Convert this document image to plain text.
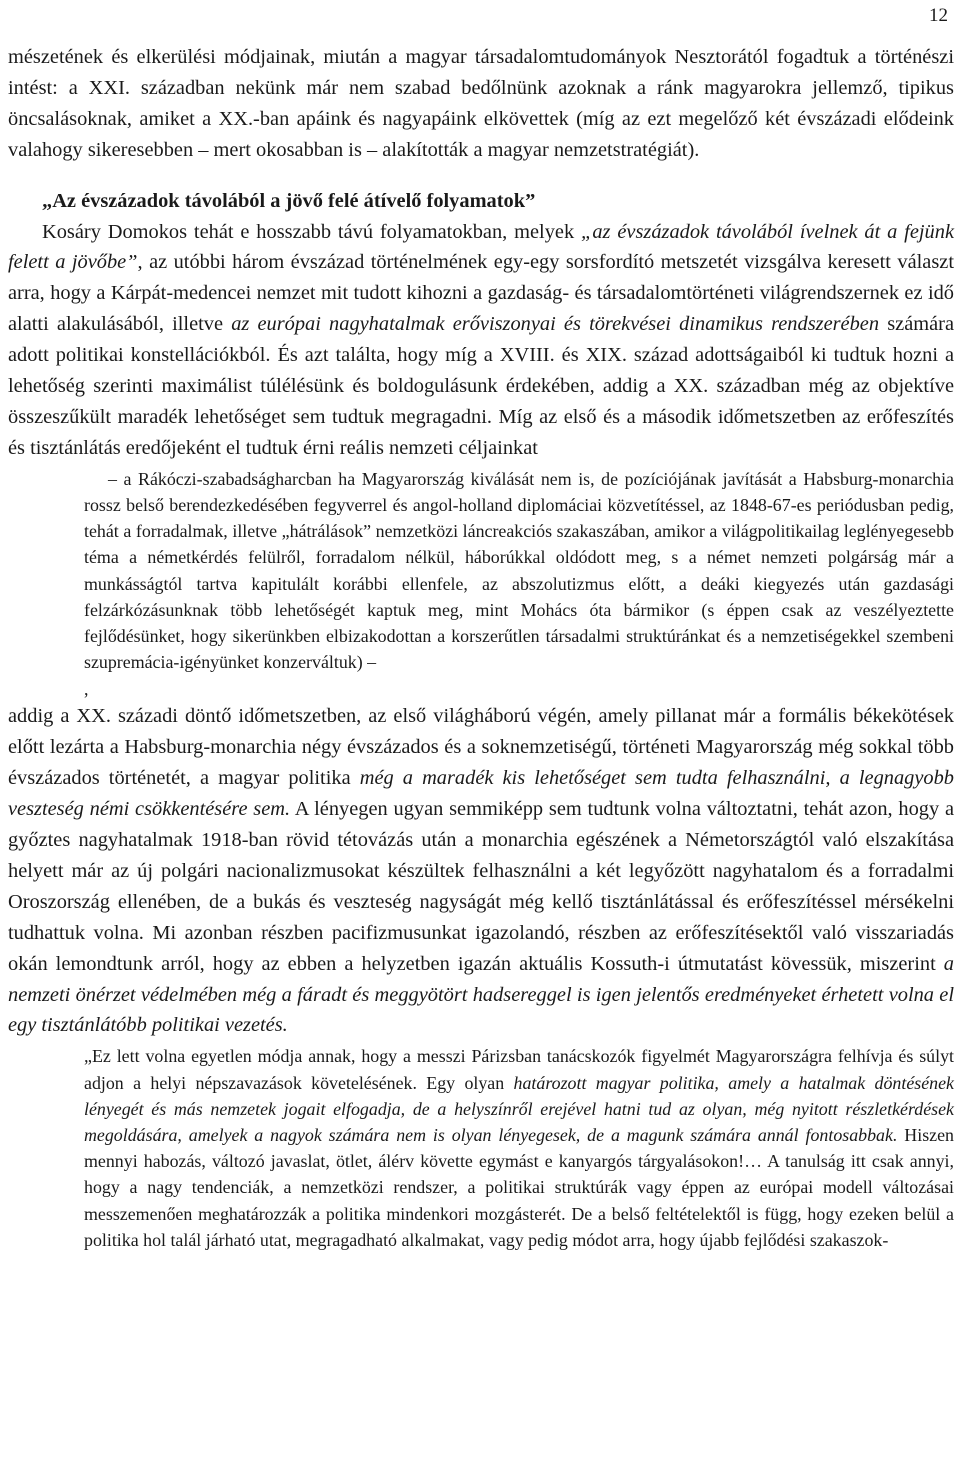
12

mészetének és elkerülési módjainak, miután a magyar társadalomtudományok Nesztorától fogadtuk a történészi intést: a XXI. században nekünk már nem szabad bedőlnünk azoknak a ránk magyarokra jellemző, tipikus öncsalásoknak, amiket a XX.-ban apáink és nagyapáink elkövettek (míg az ezt megelőző két évszázadi elődeink valahogy sikeresebben – mert okosabban is – alakították a magyar nemzetstratégiát).

„Az évszázadok távolából a jövő felé átívelő folyamatok”

Kosáry Domokos tehát e hosszabb távú folyamatokban, melyek „az évszázadok távolából ívelnek át a fejünk felett a jövőbe”, az utóbbi három évszázad történelmének egy-egy sorsfordító metszetét vizsgálva keresett választ arra, hogy a Kárpát-medencei nemzet mit tudott kihozni a gazdaság- és társadalomtörténeti világrendszernek ez idő alatti alakulásából, illetve az európai nagyhatalmak erőviszonyai és törekvései dinamikus rendszerében számára adott politikai konstellációkból. És azt találta, hogy míg a XVIII. és XIX. század adottságaiból ki tudtuk hozni a lehetőség szerinti maximálist túlélésünk és boldogulásunk érdekében, addig a XX. században még az objektíve összeszűkült maradék lehetőséget sem tudtuk megragadni. Míg az első és a második időmetszetben az erőfeszítés és tisztánlátás eredőjeként el tudtuk érni reális nemzeti céljainkat

– a Rákóczi-szabadságharcban ha Magyarország kiválását nem is, de pozíciójának javítását a Habsburg-monarchia rossz belső berendezkedésében fegyverrel és angol-holland diplomáciai közvetítéssel, az 1848-67-es periódusban pedig, tehát a forradalmak, illetve „hátrálások” nemzetközi láncreakciós szakaszában, amikor a világpolitikailag leglényegesebb téma a németkérdés felülről, forradalom nélkül, háborúkkal oldódott meg, s a német nemzeti polgárság már a munkásságtól tartva kapitulált korábbi ellenfele, az abszolutizmus előtt, a deáki kiegyezés után gazdasági felzárkózásunknak több lehetőségét kaptuk meg, mint Mohács óta bármikor (s éppen csak az veszélyeztette fejlődésünket, hogy sikerünkben elbizakodottan a korszerűtlen társadalmi struktúránkat és a nemzetiségekkel szembeni szupremácia-igényünket konzerváltuk) –

,

addig a XX. századi döntő időmetszetben, az első világháború végén, amely pillanat már a formális békekötések előtt lezárta a Habsburg-monarchia négy évszázados és a soknemzetiségű, történeti Magyarország még sokkal több évszázados történetét, a magyar politika még a maradék kis lehetőséget sem tudta felhasználni, a legnagyobb veszteség némi csökkentésére sem. A lényegen ugyan semmiképp sem tudtunk volna változtatni, tehát azon, hogy a győztes nagyhatalmak 1918-ban rövid tétovázás után a monarchia egészének a Németországtól való elszakítása helyett már az új polgári nacionalizmusokat készültek felhasználni a két legyőzött nagyhatalom és a forradalmi Oroszország ellenében, de a bukás és veszteség nagyságát még kellő tisztánlátással és erőfeszítéssel mérsékelni tudhattuk volna. Mi azonban részben pacifizmusunkat igazolandó, részben az erőfeszítésektől való visszariadás okán lemondtunk arról, hogy az ebben a helyzetben igazán aktuális Kossuth-i útmutatást kövessük, miszerint a nemzeti önérzet védelmében még a fáradt és meggyötört hadsereggel is igen jelentős eredményeket érhetett volna el egy tisztánlátóbb politikai vezetés.

„Ez lett volna egyetlen módja annak, hogy a messzi Párizsban tanácskozók figyelmét Magyarországra felhívja és súlyt adjon a helyi népszavazások követelésének. Egy olyan határozott magyar politika, amely a hatalmak döntésének lényegét és más nemzetek jogait elfogadja, de a helyszínről erejével hatni tud az olyan, még nyitott részletkérdések megoldására, amelyek a nagyok számára nem is olyan lényegesek, de a magunk számára annál fontosabbak. Hiszen mennyi habozás, változó javaslat, ötlet, álérv követte egymást e kanyargós tárgyalásokon!… A tanulság itt csak annyi, hogy a nagy tendenciák, a nemzetközi rendszer, a politikai struktúrák vagy éppen az európai modell változásai messzemenően meghatározzák a politika mindenkori mozgásterét. De a belső feltételektől is függ, hogy ezeken belül a politika hol talál járható utat, megragadható alkalmakat, vagy pedig módot arra, hogy újabb fejlődési szakaszok-
